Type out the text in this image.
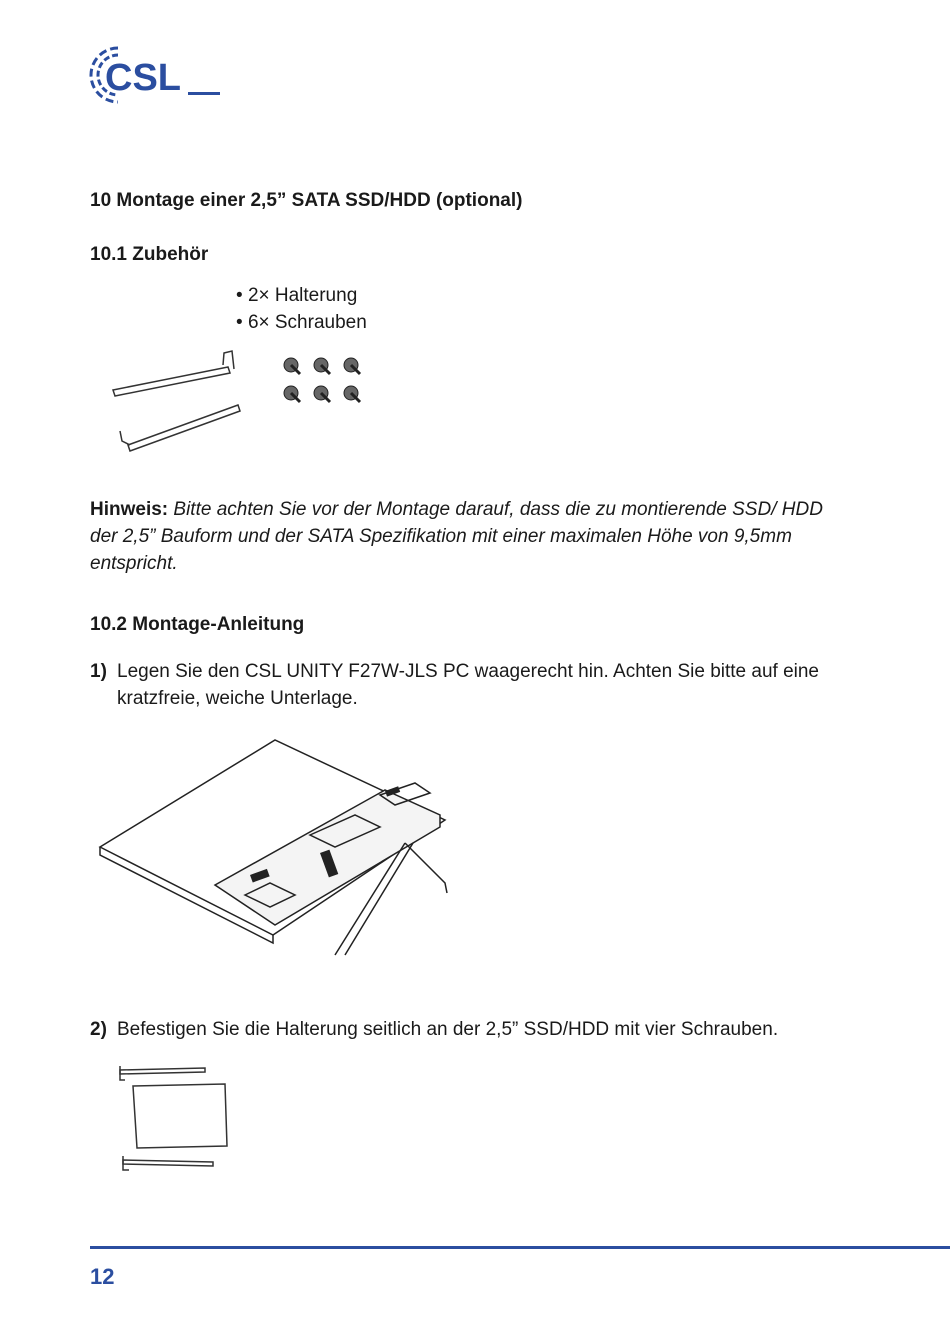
CSL
10 Montage einer 2,5” SATA SSD/HDD (optional)
10.1 Zubehör
• 2× Halterung
• 6× Schrauben
Hinweis: Bitte achten Sie vor der Montage darauf, dass die zu montierende SSD/ HDD der 2,5” Bauform und der SATA Spezifikation mit einer maximalen Höhe von 9,5mm entspricht.
10.2 Montage-Anleitung
1) Legen Sie den CSL UNITY F27W-JLS PC waagerecht hin. Achten Sie bitte auf eine kratzfreie, weiche Unterlage.
2) Befestigen Sie die Halterung seitlich an der 2,5” SSD/HDD mit vier Schrauben.
12
